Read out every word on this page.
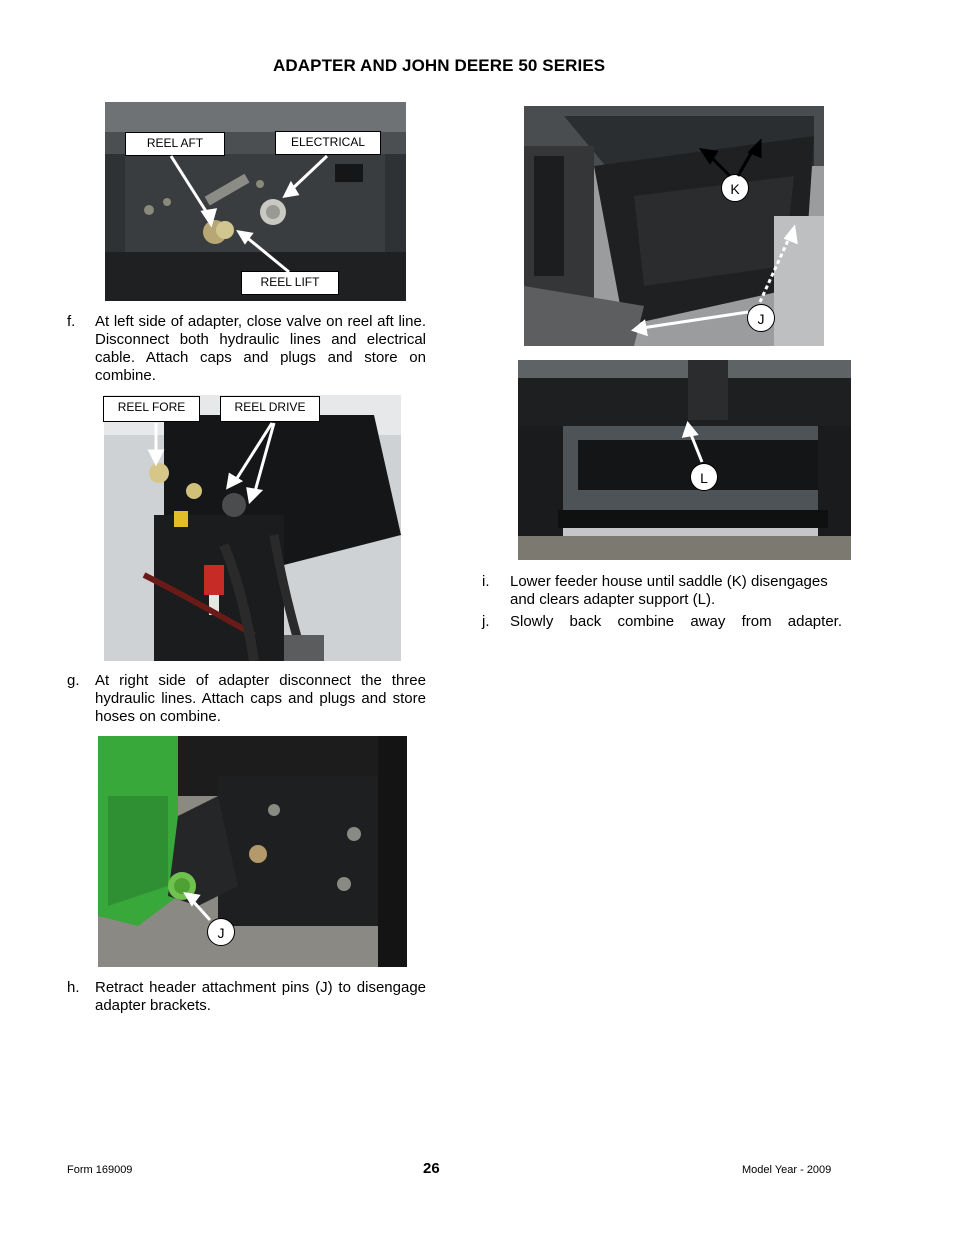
ADAPTER AND JOHN DEERE 50 SERIES
REEL AFT	ELECTRICAL
REEL LIFT
f. At left side of adapter, close valve on reel aft line. Disconnect both hydraulic lines and electrical cable. Attach caps and plugs and store on combine.
REEL FORE	REEL DRIVE
g. At right side of adapter disconnect the three hydraulic lines. Attach caps and plugs and store hoses on combine.
J
h. Retract header attachment pins (J) to disengage adapter brackets.
K
J
L
i. Lower feeder house until saddle (K) disengages and clears adapter support (L).
j. Slowly back combine away from adapter.
Form 169009	26	Model Year - 2009
